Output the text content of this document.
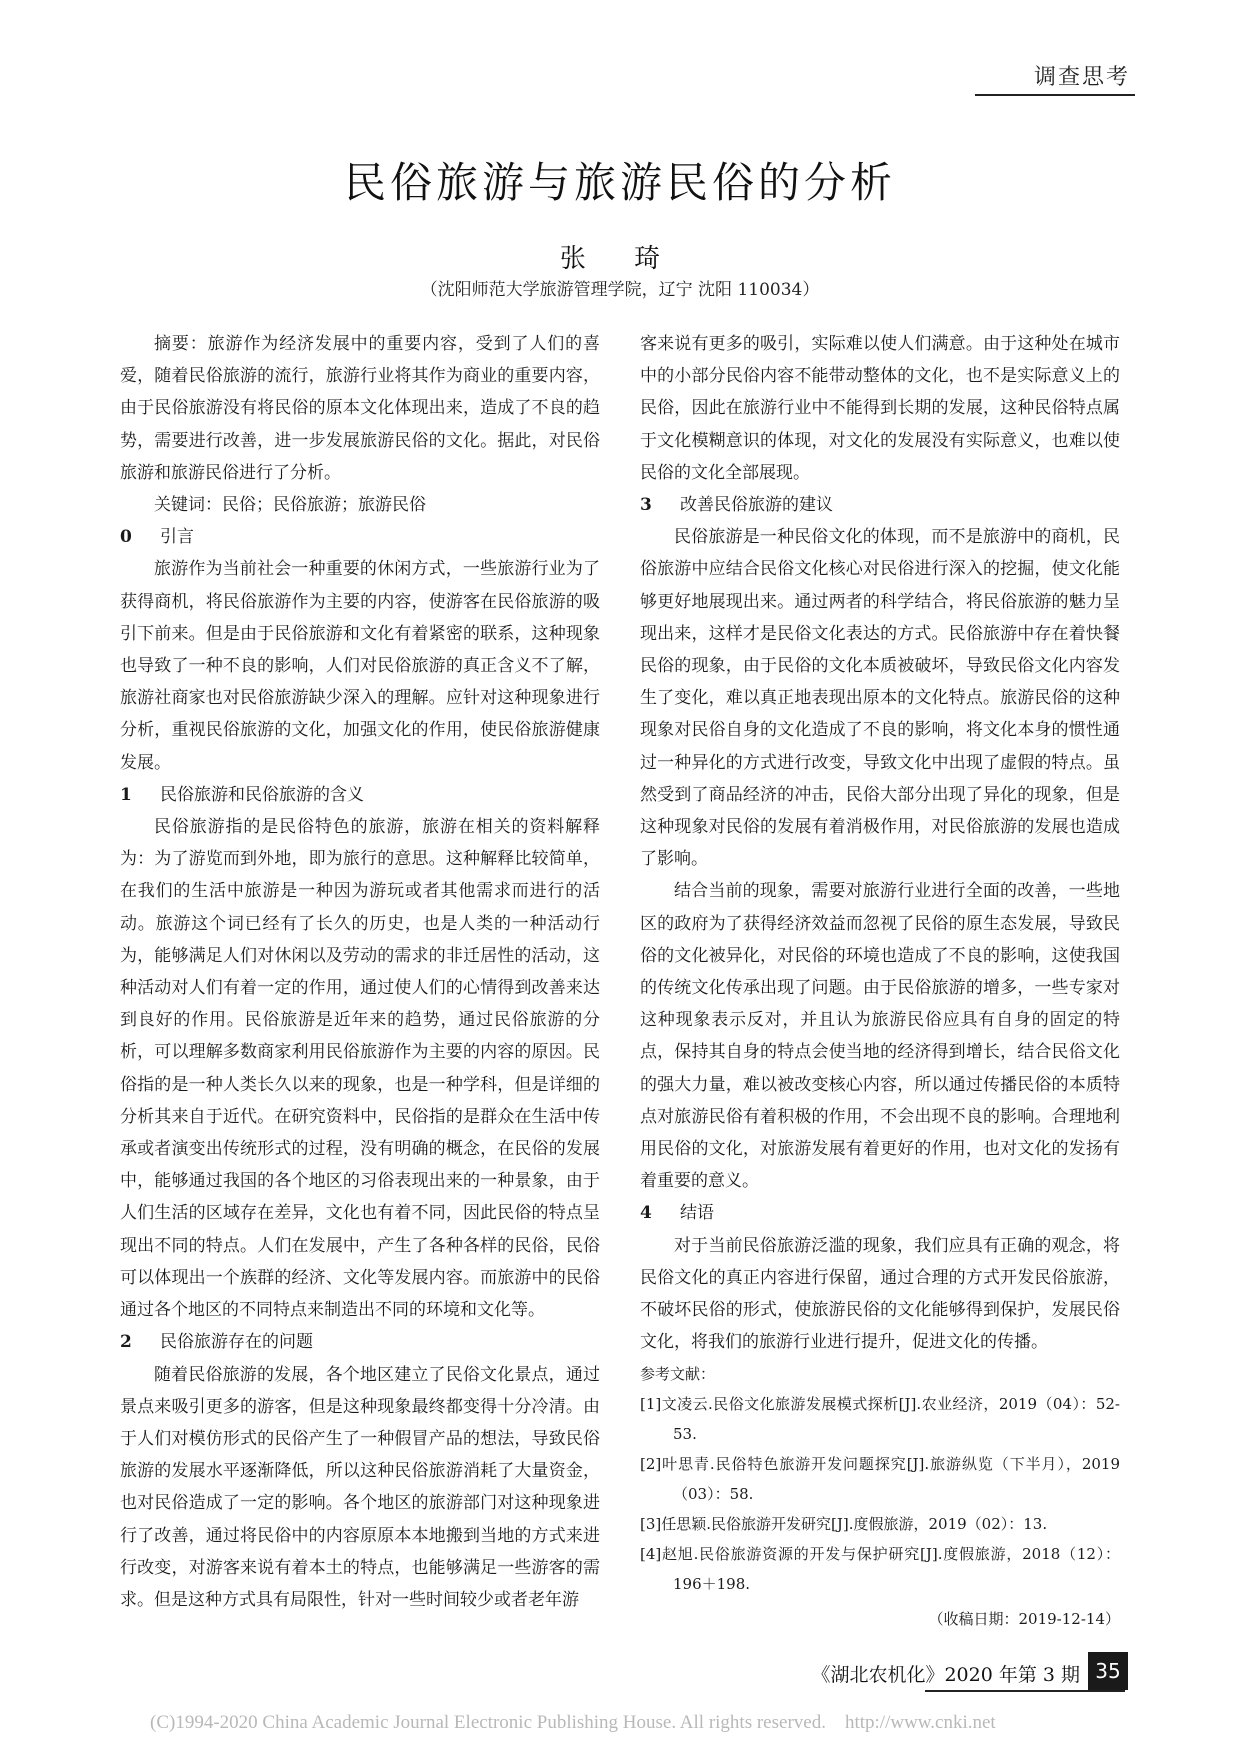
调查思考
民俗旅游与旅游民俗的分析
张 琦
（沈阳师范大学旅游管理学院，辽宁 沈阳 110034）

摘要：旅游作为经济发展中的重要内容，受到了人们的喜爱，随着民俗旅游的流行，旅游行业将其作为商业的重要内容，由于民俗旅游没有将民俗的原本文化体现出来，造成了不良的趋势，需要进行改善，进一步发展旅游民俗的文化。据此，对民俗旅游和旅游民俗进行了分析。

关键词：民俗；民俗旅游；旅游民俗

0 引言

旅游作为当前社会一种重要的休闲方式，一些旅游行业为了获得商机，将民俗旅游作为主要的内容，使游客在民俗旅游的吸引下前来。但是由于民俗旅游和文化有着紧密的联系，这种现象也导致了一种不良的影响，人们对民俗旅游的真正含义不了解，旅游社商家也对民俗旅游缺少深入的理解。应针对这种现象进行分析，重视民俗旅游的文化，加强文化的作用，使民俗旅游健康发展。

1 民俗旅游和民俗旅游的含义

民俗旅游指的是民俗特色的旅游，旅游在相关的资料解释为：为了游览而到外地，即为旅行的意思。这种解释比较简单，在我们的生活中旅游是一种因为游玩或者其他需求而进行的活动。旅游这个词已经有了长久的历史，也是人类的一种活动行为，能够满足人们对休闲以及劳动的需求的非迁居性的活动，这种活动对人们有着一定的作用，通过使人们的心情得到改善来达到良好的作用。民俗旅游是近年来的趋势，通过民俗旅游的分析，可以理解多数商家利用民俗旅游作为主要的内容的原因。民俗指的是一种人类长久以来的现象，也是一种学科，但是详细的分析其来自于近代。在研究资料中，民俗指的是群众在生活中传承或者演变出传统形式的过程，没有明确的概念，在民俗的发展中，能够通过我国的各个地区的习俗表现出来的一种景象，由于人们生活的区域存在差异，文化也有着不同，因此民俗的特点呈现出不同的特点。人们在发展中，产生了各种各样的民俗，民俗可以体现出一个族群的经济、文化等发展内容。而旅游中的民俗通过各个地区的不同特点来制造出不同的环境和文化等。

2 民俗旅游存在的问题

随着民俗旅游的发展，各个地区建立了民俗文化景点，通过景点来吸引更多的游客，但是这种现象最终都变得十分冷清。由于人们对模仿形式的民俗产生了一种假冒产品的想法，导致民俗旅游的发展水平逐渐降低，所以这种民俗旅游消耗了大量资金，也对民俗造成了一定的影响。各个地区的旅游部门对这种现象进行了改善，通过将民俗中的内容原原本本地搬到当地的方式来进行改变，对游客来说有着本土的特点，也能够满足一些游客的需求。但是这种方式具有局限性，针对一些时间较少或者老年游

客来说有更多的吸引，实际难以使人们满意。由于这种处在城市中的小部分民俗内容不能带动整体的文化，也不是实际意义上的民俗，因此在旅游行业中不能得到长期的发展，这种民俗特点属于文化模糊意识的体现，对文化的发展没有实际意义，也难以使民俗的文化全部展现。

3 改善民俗旅游的建议

民俗旅游是一种民俗文化的体现，而不是旅游中的商机，民俗旅游中应结合民俗文化核心对民俗进行深入的挖掘，使文化能够更好地展现出来。通过两者的科学结合，将民俗旅游的魅力呈现出来，这样才是民俗文化表达的方式。民俗旅游中存在着快餐民俗的现象，由于民俗的文化本质被破坏，导致民俗文化内容发生了变化，难以真正地表现出原本的文化特点。旅游民俗的这种现象对民俗自身的文化造成了不良的影响，将文化本身的惯性通过一种异化的方式进行改变，导致文化中出现了虚假的特点。虽然受到了商品经济的冲击，民俗大部分出现了异化的现象，但是这种现象对民俗的发展有着消极作用，对民俗旅游的发展也造成了影响。

结合当前的现象，需要对旅游行业进行全面的改善，一些地区的政府为了获得经济效益而忽视了民俗的原生态发展，导致民俗的文化被异化，对民俗的环境也造成了不良的影响，这使我国的传统文化传承出现了问题。由于民俗旅游的增多，一些专家对这种现象表示反对，并且认为旅游民俗应具有自身的固定的特点，保持其自身的特点会使当地的经济得到增长，结合民俗文化的强大力量，难以被改变核心内容，所以通过传播民俗的本质特点对旅游民俗有着积极的作用，不会出现不良的影响。合理地利用民俗的文化，对旅游发展有着更好的作用，也对文化的发扬有着重要的意义。

4 结语

对于当前民俗旅游泛滥的现象，我们应具有正确的观念，将民俗文化的真正内容进行保留，通过合理的方式开发民俗旅游，不破坏民俗的形式，使旅游民俗的文化能够得到保护，发展民俗文化，将我们的旅游行业进行提升，促进文化的传播。

参考文献：
[1]文凌云.民俗文化旅游发展模式探析[J].农业经济，2019（04）：52-53.
[2]叶思青.民俗特色旅游开发问题探究[J].旅游纵览（下半月），2019（03）：58.
[3]任思颖.民俗旅游开发研究[J].度假旅游，2019（02）：13.
[4]赵旭.民俗旅游资源的开发与保护研究[J].度假旅游，2018（12）：196＋198.
（收稿日期：2019-12-14）
《湖北农机化》2020 年第 3 期 35
(C)1994-2020 China Academic Journal Electronic Publishing House. All rights reserved.    http://www.cnki.net
